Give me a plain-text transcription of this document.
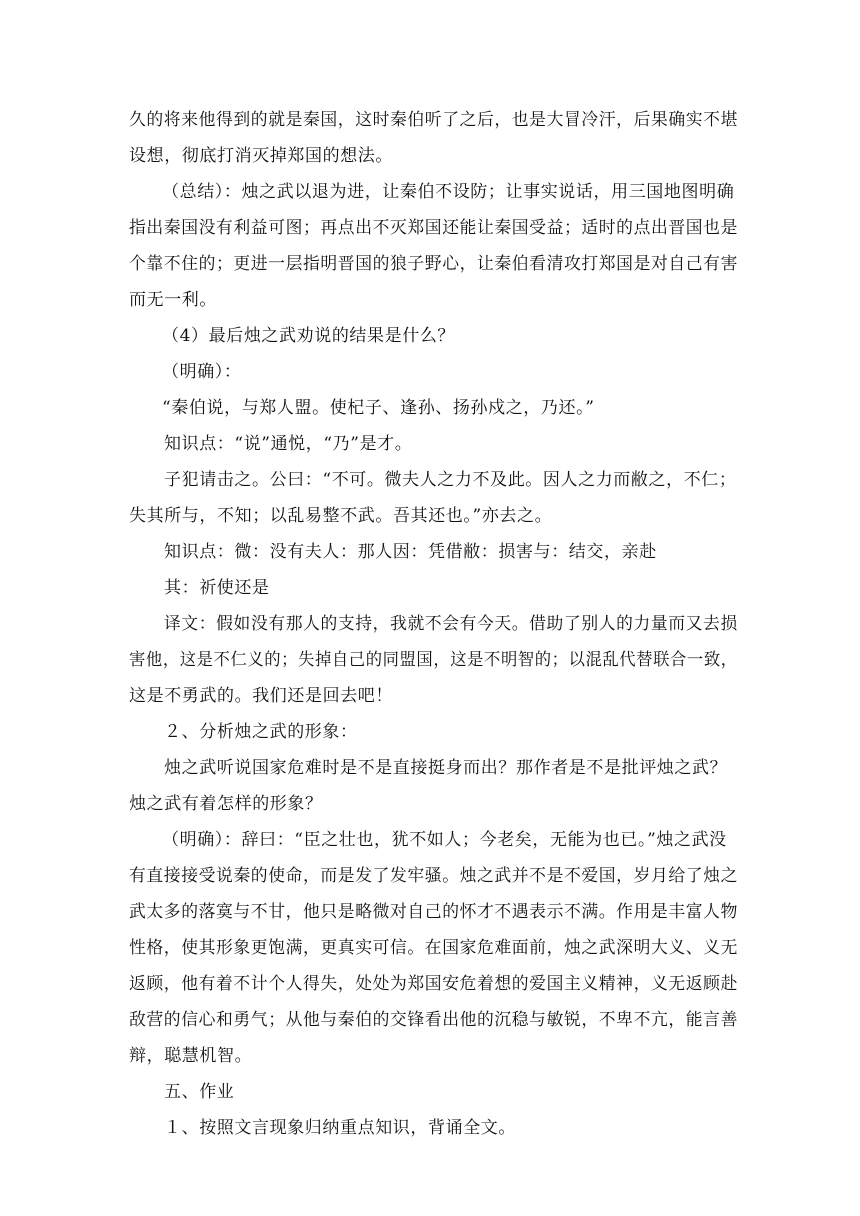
久的将来他得到的就是秦国，这时秦伯听了之后，也是大冒冷汗，后果确实不堪
设想，彻底打消灭掉郑国的想法。
（总结）：烛之武以退为进，让秦伯不设防；让事实说话，用三国地图明确
指出秦国没有利益可图；再点出不灭郑国还能让秦国受益；适时的点出晋国也是
个靠不住的；更进一层指明晋国的狼子野心，让秦伯看清攻打郑国是对自己有害
而无一利。
（4）最后烛之武劝说的结果是什么？
（明确）：
“秦伯说，与郑人盟。使杞子、逢孙、扬孙戍之，乃还。”
知识点：“说”通悦，“乃”是才。
子犯请击之。公曰：“不可。微夫人之力不及此。因人之力而敝之，不仁；
失其所与，不知；以乱易整不武。吾其还也。”亦去之。
知识点：微：没有夫人：那人因：凭借敝：损害与：结交，亲赴
其：祈使还是
译文：假如没有那人的支持，我就不会有今天。借助了别人的力量而又去损
害他，这是不仁义的；失掉自己的同盟国，这是不明智的；以混乱代替联合一致，
这是不勇武的。我们还是回去吧！
２、分析烛之武的形象：
烛之武听说国家危难时是不是直接挺身而出？那作者是不是批评烛之武？
烛之武有着怎样的形象？
（明确）：辞曰：“臣之壮也，犹不如人；今老矣，无能为也已。”烛之武没
有直接接受说秦的使命，而是发了发牢骚。烛之武并不是不爱国，岁月给了烛之
武太多的落寞与不甘，他只是略微对自己的怀才不遇表示不满。作用是丰富人物
性格，使其形象更饱满，更真实可信。在国家危难面前，烛之武深明大义、义无
返顾，他有着不计个人得失，处处为郑国安危着想的爱国主义精神，义无返顾赴
敌营的信心和勇气；从他与秦伯的交锋看出他的沉稳与敏锐，不卑不亢，能言善
辩，聪慧机智。
五、作业
１、按照文言现象归纳重点知识，背诵全文。
